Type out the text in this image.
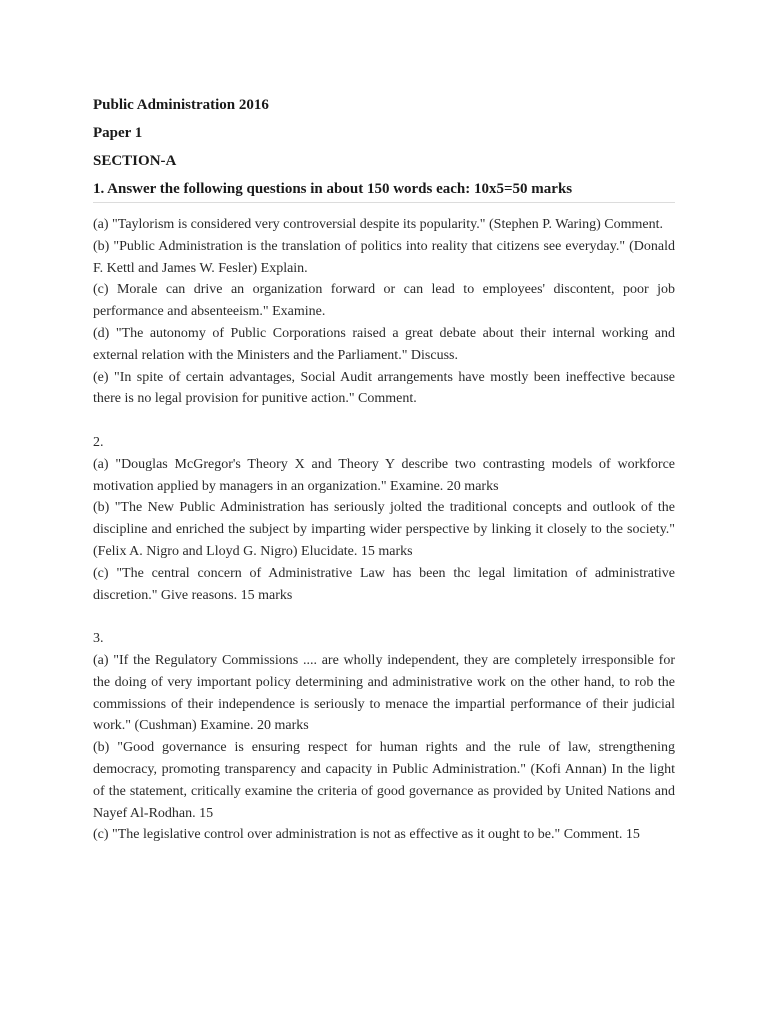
Public Administration 2016
Paper 1
SECTION-A
1. Answer the following questions in about 150 words each: 10x5=50 marks

(a) "Taylorism is considered very controversial despite its popularity." (Stephen P. Waring) Comment.

(b) "Public Administration is the translation of politics into reality that citizens see everyday." (Donald F. Kettl and James W. Fesler) Explain.

(c) Morale can drive an organization forward or can lead to employees' discontent, poor job performance and absenteeism." Examine.

(d) "The autonomy of Public Corporations raised a great debate about their internal working and external relation with the Ministers and the Parliament." Discuss.

(e) "In spite of certain advantages, Social Audit arrangements have mostly been ineffective because there is no legal provision for punitive action." Comment.

2.

(a) "Douglas McGregor's Theory X and Theory Y describe two contrasting models of workforce motivation applied by managers in an organization." Examine. 20 marks

(b) "The New Public Administration has seriously jolted the traditional concepts and outlook of the discipline and enriched the subject by imparting wider perspective by linking it closely to the society." (Felix A. Nigro and Lloyd G. Nigro) Elucidate. 15 marks

(c) "The central concern of Administrative Law has been thc legal limitation of administrative discretion." Give reasons. 15 marks

3.

(a) "If the Regulatory Commissions .... are wholly independent, they are completely irresponsible for the doing of very important policy determining and administrative work on the other hand, to rob the commissions of their independence is seriously to menace the impartial performance of their judicial work." (Cushman) Examine. 20 marks

(b) "Good governance is ensuring respect for human rights and the rule of law, strengthening democracy, promoting transparency and capacity in Public Administration." (Kofi Annan) In the light of the statement, critically examine the criteria of good governance as provided by United Nations and Nayef Al-Rodhan. 15

(c) "The legislative control over administration is not as effective as it ought to be." Comment. 15
